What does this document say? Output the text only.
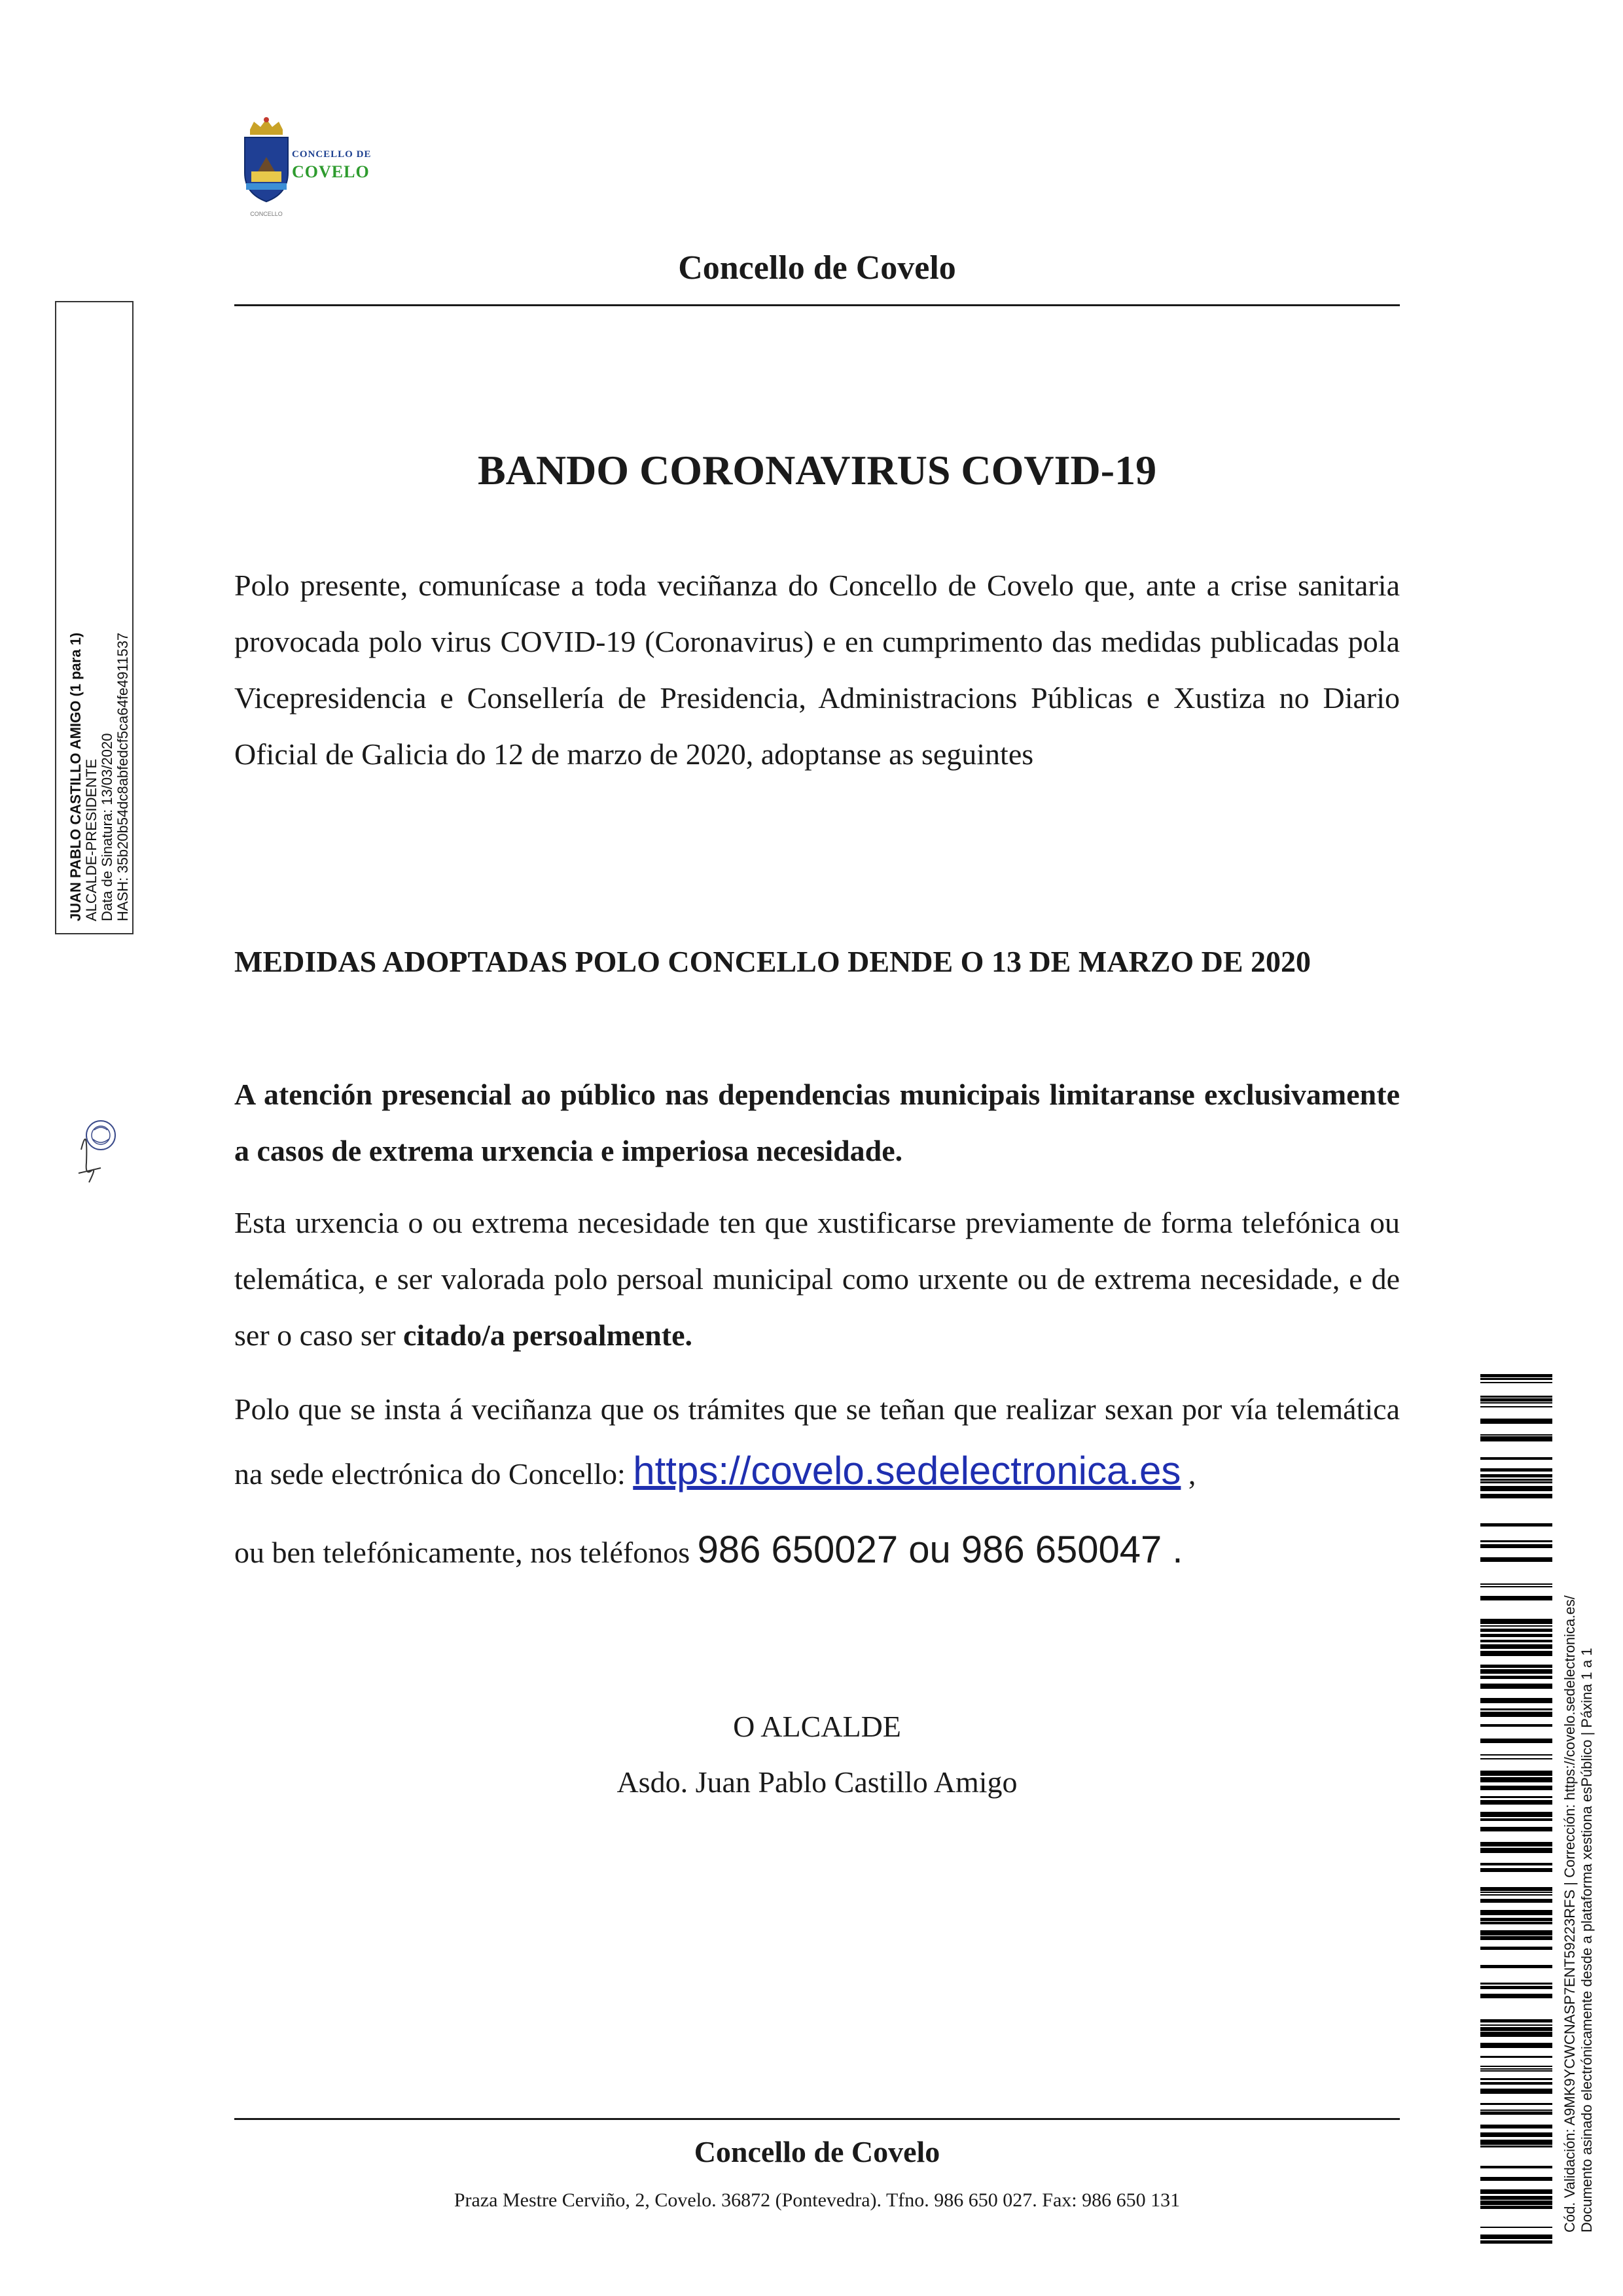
CONCELLO
CONCELLO DE
COVELO
Concello de Covelo
BANDO CORONAVIRUS COVID-19
Polo presente, comunícase a toda veciñanza do Concello de Covelo que, ante a crise sanitaria provocada polo virus COVID-19 (Coronavirus) e en cumprimento das medidas publicadas pola Vicepresidencia e Consellería de Presidencia, Administracions Públicas e Xustiza no Diario Oficial de Galicia do 12 de marzo de 2020, adoptanse as seguintes
MEDIDAS ADOPTADAS POLO CONCELLO DENDE O 13 DE MARZO DE 2020
A atención presencial ao público nas dependencias municipais limitaranse exclusivamente a casos de extrema urxencia e imperiosa necesidade.
Esta urxencia o ou extrema necesidade ten que xustificarse previamente de forma telefónica ou telemática, e ser valorada polo persoal municipal como urxente ou de extrema necesidade, e de ser o caso ser citado/a persoalmente.
Polo que se insta á veciñanza que os trámites que se teñan que realizar sexan por vía telemática na sede electrónica do Concello: https://covelo.sedelectronica.es ,
ou ben telefónicamente, nos teléfonos 986 650027 ou 986 650047 .
O ALCALDE
Asdo. Juan Pablo Castillo Amigo
Concello de Covelo
Praza Mestre Cerviño, 2, Covelo. 36872 (Pontevedra). Tfno. 986 650 027. Fax: 986 650 131
JUAN PABLO CASTILLO AMIGO (1 para 1) ALCALDE-PRESIDENTE Data de Sinatura: 13/03/2020 HASH: 35b20b54dc8abfedcf5ca64fe4911537
Cód. Validación: A9MK9YCWCNASP7ENT59223RFS | Corrección: https://covelo.sedelectronica.es/ Documento asinado electrónicamente desde a plataforma xestiona esPúblico | Páxina 1 a 1
